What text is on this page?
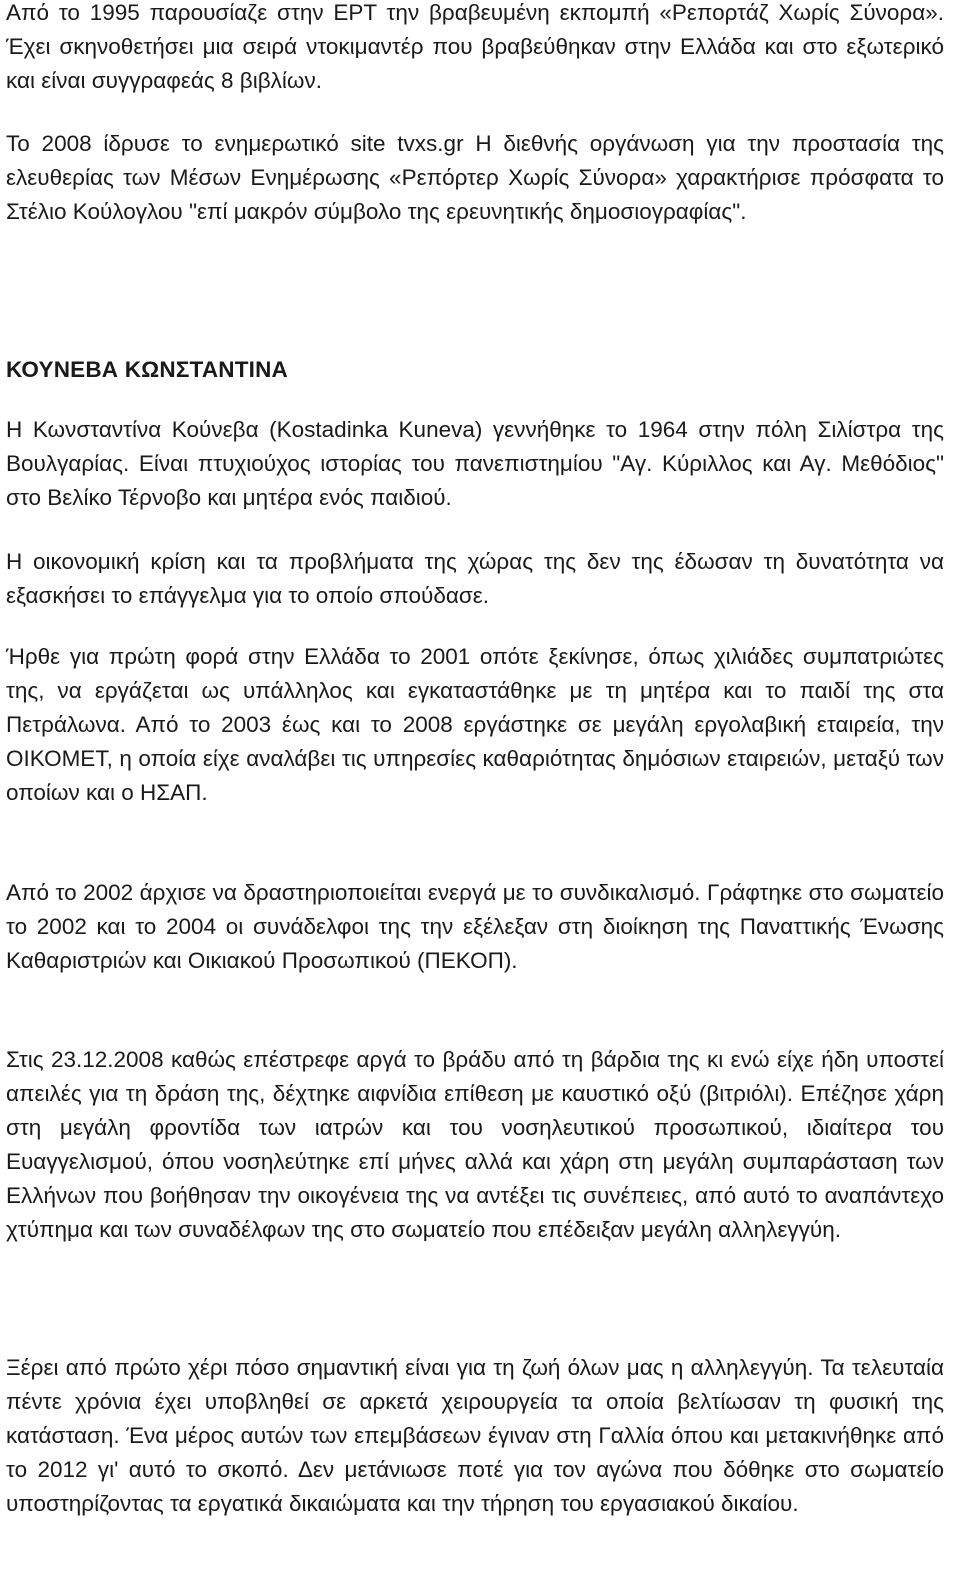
Από το 1995 παρουσίαζε στην ΕΡΤ την βραβευμένη εκπομπή «Ρεπορτάζ Χωρίς Σύνορα». Έχει σκηνοθετήσει μια σειρά ντοκιμαντέρ που βραβεύθηκαν στην Ελλάδα και στο εξωτερικό και είναι συγγραφεάς 8 βιβλίων.

Το 2008 ίδρυσε το ενημερωτικό site tvxs.gr Η διεθνής οργάνωση για την προστασία της ελευθερίας των Μέσων Ενημέρωσης «Ρεπόρτερ Χωρίς Σύνορα» χαρακτήρισε πρόσφατα το Στέλιο Κούλογλου "επί μακρόν σύμβολο της ερευνητικής δημοσιογραφίας".

ΚΟΥΝΕΒΑ ΚΩΝΣΤΑΝΤΙΝΑ

Η Κωνσταντίνα Κούνεβα (Kostadinka Kuneva) γεννήθηκε το 1964 στην πόλη Σιλίστρα της Βουλγαρίας. Είναι πτυχιούχος ιστορίας του πανεπιστημίου "Αγ. Κύριλλος και Αγ. Μεθόδιος" στο Βελίκο Τέρνοβο και μητέρα ενός παιδιού.

Η οικονομική κρίση και τα προβλήματα της χώρας της δεν της έδωσαν τη δυνατότητα να εξασκήσει το επάγγελμα για το οποίο σπούδασε.

Ήρθε για πρώτη φορά στην Ελλάδα το 2001 οπότε ξεκίνησε, όπως χιλιάδες συμπατριώτες της, να εργάζεται ως υπάλληλος και εγκαταστάθηκε με τη μητέρα και το παιδί της στα Πετράλωνα. Από το 2003 έως και το 2008 εργάστηκε σε μεγάλη εργολαβική εταιρεία, την ΟΙΚΟΜΕΤ, η οποία είχε αναλάβει τις υπηρεσίες καθαριότητας δημόσιων εταιρειών, μεταξύ των οποίων και ο ΗΣΑΠ.

Από το 2002 άρχισε να δραστηριοποιείται ενεργά με το συνδικαλισμό. Γράφτηκε στο σωματείο το 2002 και το 2004 οι συνάδελφοι της την εξέλεξαν στη διοίκηση της Παναττικής Ένωσης Καθαριστριών και Οικιακού Προσωπικού (ΠΕΚΟΠ).

Στις 23.12.2008 καθώς επέστρεφε αργά το βράδυ από τη βάρδια της κι ενώ είχε ήδη υποστεί απειλές για τη δράση της, δέχτηκε αιφνίδια επίθεση με καυστικό οξύ (βιτριόλι). Επέζησε χάρη στη μεγάλη φροντίδα των ιατρών και του νοσηλευτικού προσωπικού, ιδιαίτερα του Ευαγγελισμού, όπου νοσηλεύτηκε επί μήνες αλλά και χάρη στη μεγάλη συμπαράσταση των Ελλήνων που βοήθησαν την οικογένεια της να αντέξει τις συνέπειες, από αυτό το αναπάντεχο χτύπημα και των συναδέλφων της στο σωματείο που επέδειξαν μεγάλη αλληλεγγύη.

Ξέρει από πρώτο χέρι πόσο σημαντική είναι για τη ζωή όλων μας η αλληλεγγύη. Τα τελευταία πέντε χρόνια έχει υποβληθεί σε αρκετά χειρουργεία τα οποία βελτίωσαν τη φυσική της κατάσταση. Ένα μέρος αυτών των επεμβάσεων έγιναν στη Γαλλία όπου και μετακινήθηκε από το 2012 γι' αυτό το σκοπό. Δεν μετάνιωσε ποτέ για τον αγώνα που δόθηκε στο σωματείο υποστηρίζοντας τα εργατικά δικαιώματα και την τήρηση του εργασιακού δικαίου.
